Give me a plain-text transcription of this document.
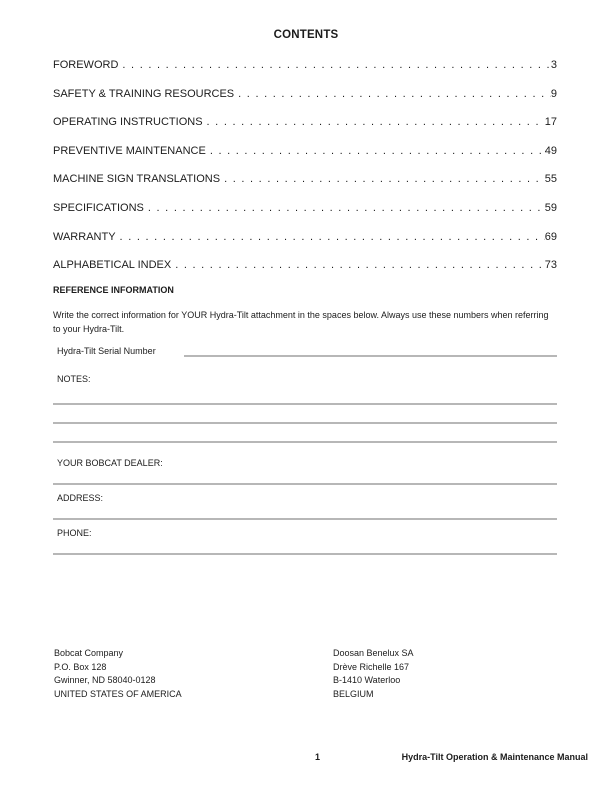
CONTENTS
FOREWORD .....	3
SAFETY & TRAINING RESOURCES .....	9
OPERATING INSTRUCTIONS .....	17
PREVENTIVE MAINTENANCE .....	49
MACHINE SIGN TRANSLATIONS .....	55
SPECIFICATIONS .....	59
WARRANTY .....	69
ALPHABETICAL INDEX .....	73
REFERENCE INFORMATION
Write the correct information for YOUR Hydra-Tilt attachment in the spaces below. Always use these numbers when referring to your Hydra-Tilt.
Hydra-Tilt Serial Number
NOTES:
YOUR BOBCAT DEALER:
ADDRESS:
PHONE:
Bobcat Company
P.O. Box 128
Gwinner, ND 58040-0128
UNITED STATES OF AMERICA
Doosan Benelux SA
Drève Richelle 167
B-1410 Waterloo
BELGIUM
1	Hydra-Tilt Operation & Maintenance Manual
